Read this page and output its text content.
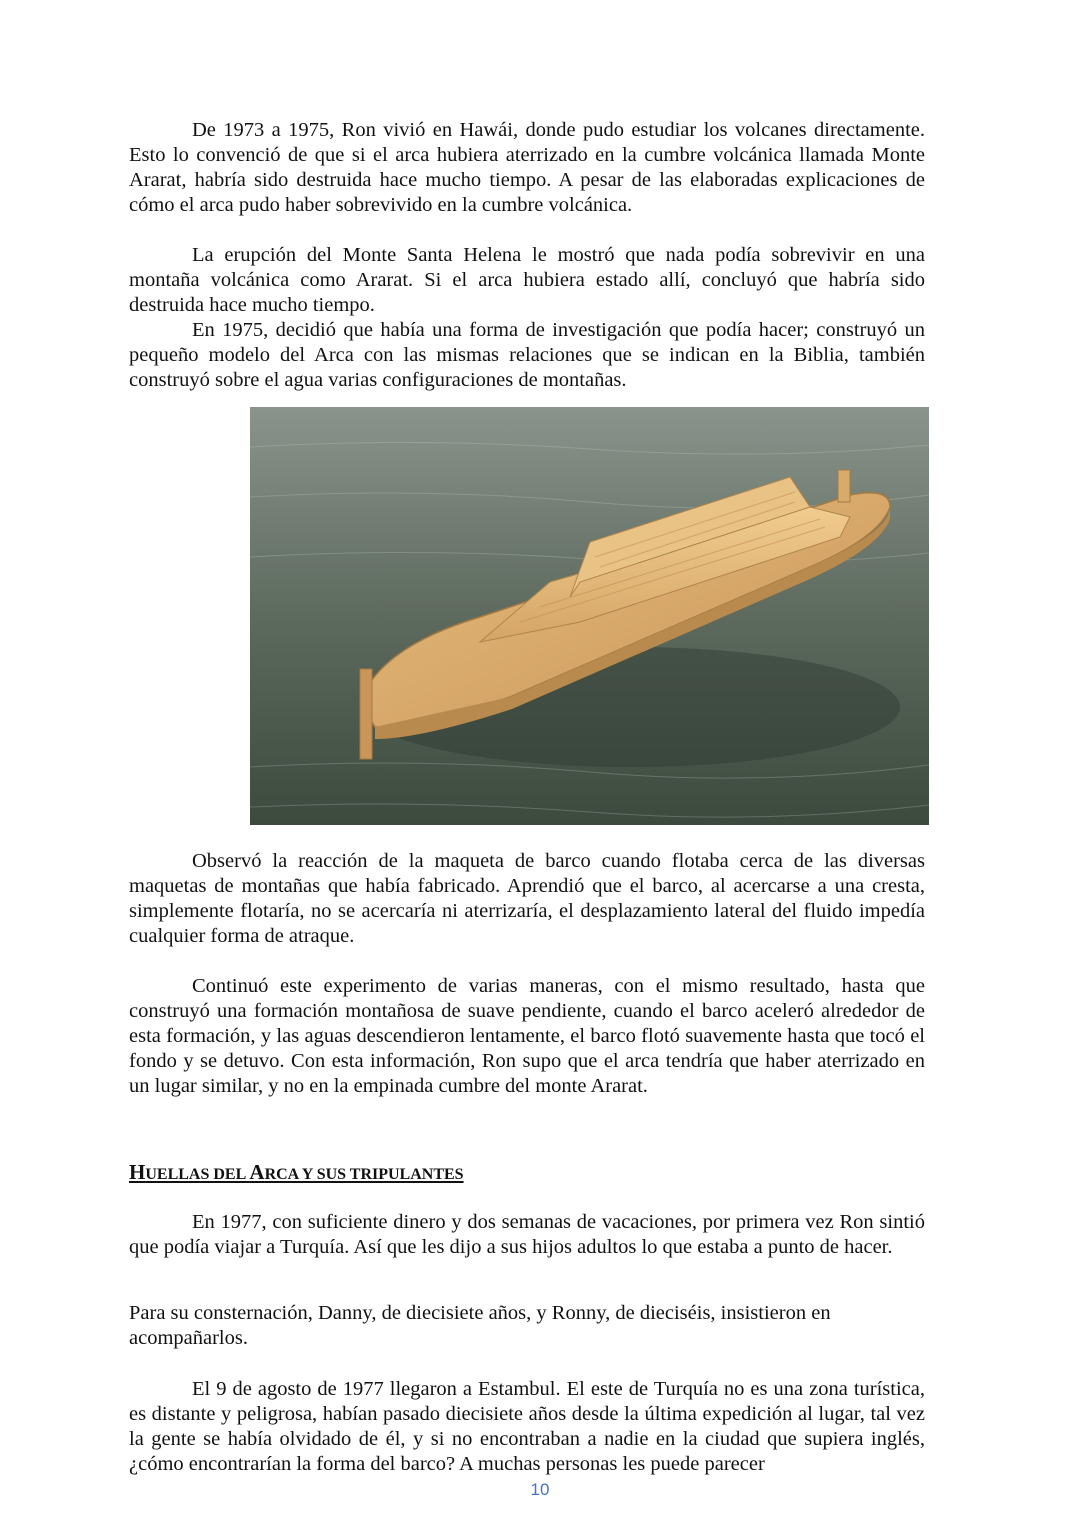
De 1973 a 1975, Ron vivió en Hawái, donde pudo estudiar los volcanes directamente. Esto lo convenció de que si el arca hubiera aterrizado en la cumbre volcánica llamada Monte Ararat, habría sido destruida hace mucho tiempo. A pesar de las elaboradas explicaciones de cómo el arca pudo haber sobrevivido en la cumbre volcánica.

La erupción del Monte Santa Helena le mostró que nada podía sobrevivir en una montaña volcánica como Ararat. Si el arca hubiera estado allí, concluyó que habría sido destruida hace mucho tiempo.

En 1975, decidió que había una forma de investigación que podía hacer; construyó un pequeño modelo del Arca con las mismas relaciones que se indican en la Biblia, también construyó sobre el agua varias configuraciones de montañas.

Observó la reacción de la maqueta de barco cuando flotaba cerca de las diversas maquetas de montañas que había fabricado. Aprendió que el barco, al acercarse a una cresta, simplemente flotaría, no se acercaría ni aterrizaría, el desplazamiento lateral del fluido impedía cualquier forma de atraque.

Continuó este experimento de varias maneras, con el mismo resultado, hasta que construyó una formación montañosa de suave pendiente, cuando el barco aceleró alrededor de esta formación, y las aguas descendieron lentamente, el barco flotó suavemente hasta que tocó el fondo y se detuvo. Con esta información, Ron supo que el arca tendría que haber aterrizado en un lugar similar, y no en la empinada cumbre del monte Ararat.

HUELLAS DEL ARCA Y SUS TRIPULANTES

En 1977, con suficiente dinero y dos semanas de vacaciones, por primera vez Ron sintió que podía viajar a Turquía. Así que les dijo a sus hijos adultos lo que estaba a punto de hacer.

Para su consternación, Danny, de diecisiete años, y Ronny, de dieciséis, insistieron en acompañarlos.

El 9 de agosto de 1977 llegaron a Estambul. El este de Turquía no es una zona turística, es distante y peligrosa, habían pasado diecisiete años desde la última expedición al lugar, tal vez la gente se había olvidado de él, y si no encontraban a nadie en la ciudad que supiera inglés, ¿cómo encontrarían la forma del barco? A muchas personas les puede parecer

10
